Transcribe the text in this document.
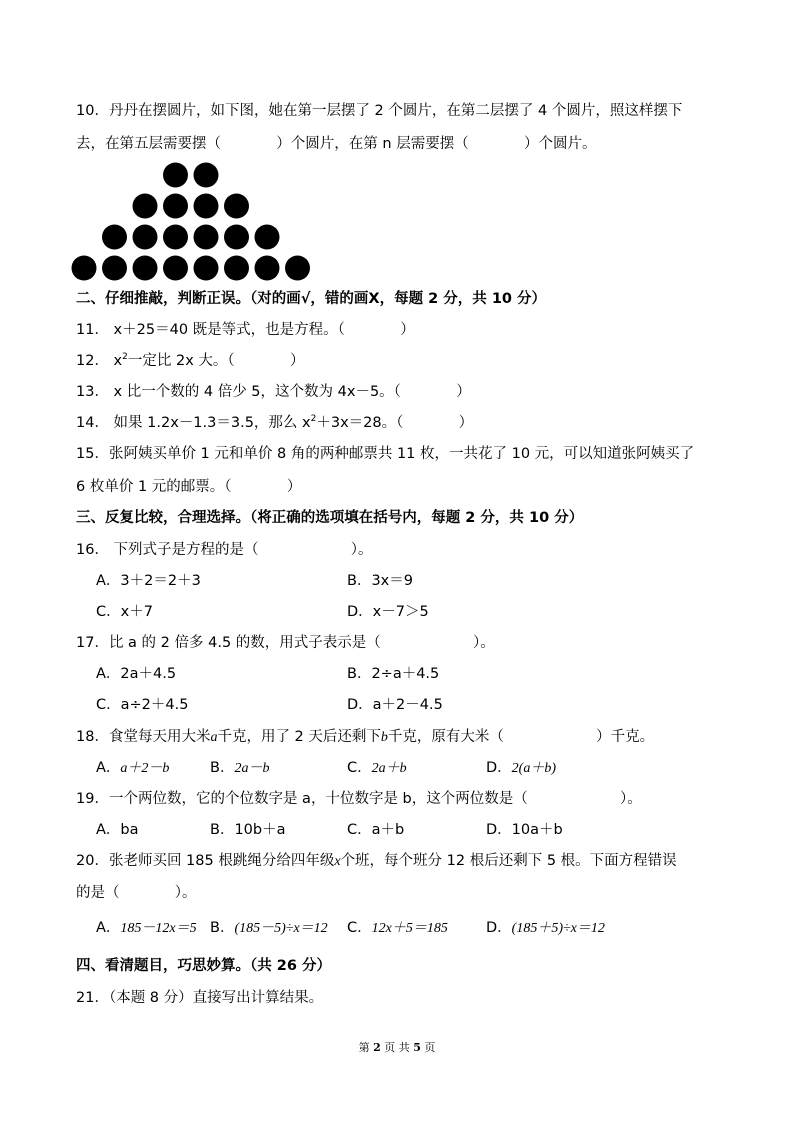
10．丹丹在摆圆片，如下图，她在第一层摆了 2 个圆片，在第二层摆了 4 个圆片，照这样摆下
去，在第五层需要摆（            ）个圆片，在第 n 层需要摆（            ）个圆片。
二、仔细推敲，判断正误。（对的画√，错的画Ⅹ，每题 2 分，共 10 分）
11． x＋25＝40 既是等式，也是方程。（            ）
12． $x^2$一定比 2x 大。（            ）
13． x 比一个数的 4 倍少 5，这个数为 4x－5。（            ）
14． 如果 1.2x－1.3＝3.5，那么 $x^2+3x=28$。（            ）
15．张阿姨买单价 1 元和单价 8 角的两种邮票共 11 枚，一共花了 10 元，可以知道张阿姨买了
6 枚单价 1 元的邮票。（            ）
三、反复比较，合理选择。（将正确的选项填在括号内，每题 2 分，共 10 分）
16． 下列式子是方程的是（                    ）。
A．3＋2＝2＋3	B．3x＝9
C．x＋7	D．x－7＞5
17．比 a 的 2 倍多 4.5 的数，用式子表示是（                    ）。
A．2a＋4.5	B．2÷a＋4.5
C．a÷2＋4.5	D．a＋2－4.5
18．食堂每天用大米a千克，用了 2 天后还剩下b千克，原有大米（                    ）千克。
A．a＋2－b	B．2a－b	C．2a＋b	D．2(a＋b)
19．一个两位数，它的个位数字是 a，十位数字是 b，这个两位数是（                    ）。
A．ba	B．10b＋a	C．a＋b	D．10a＋b
20．张老师买回 185 根跳绳分给四年级x个班，每个班分 12 根后还剩下 5 根。下面方程错误
的是（            ）。
A．185－12x＝5 B．(185－5)÷x＝12 C．12x＋5＝185	D．(185＋5)÷x＝12
四、看清题目，巧思妙算。（共 26 分）
21．（本题 8 分）直接写出计算结果。
第 2 页 共 5 页
